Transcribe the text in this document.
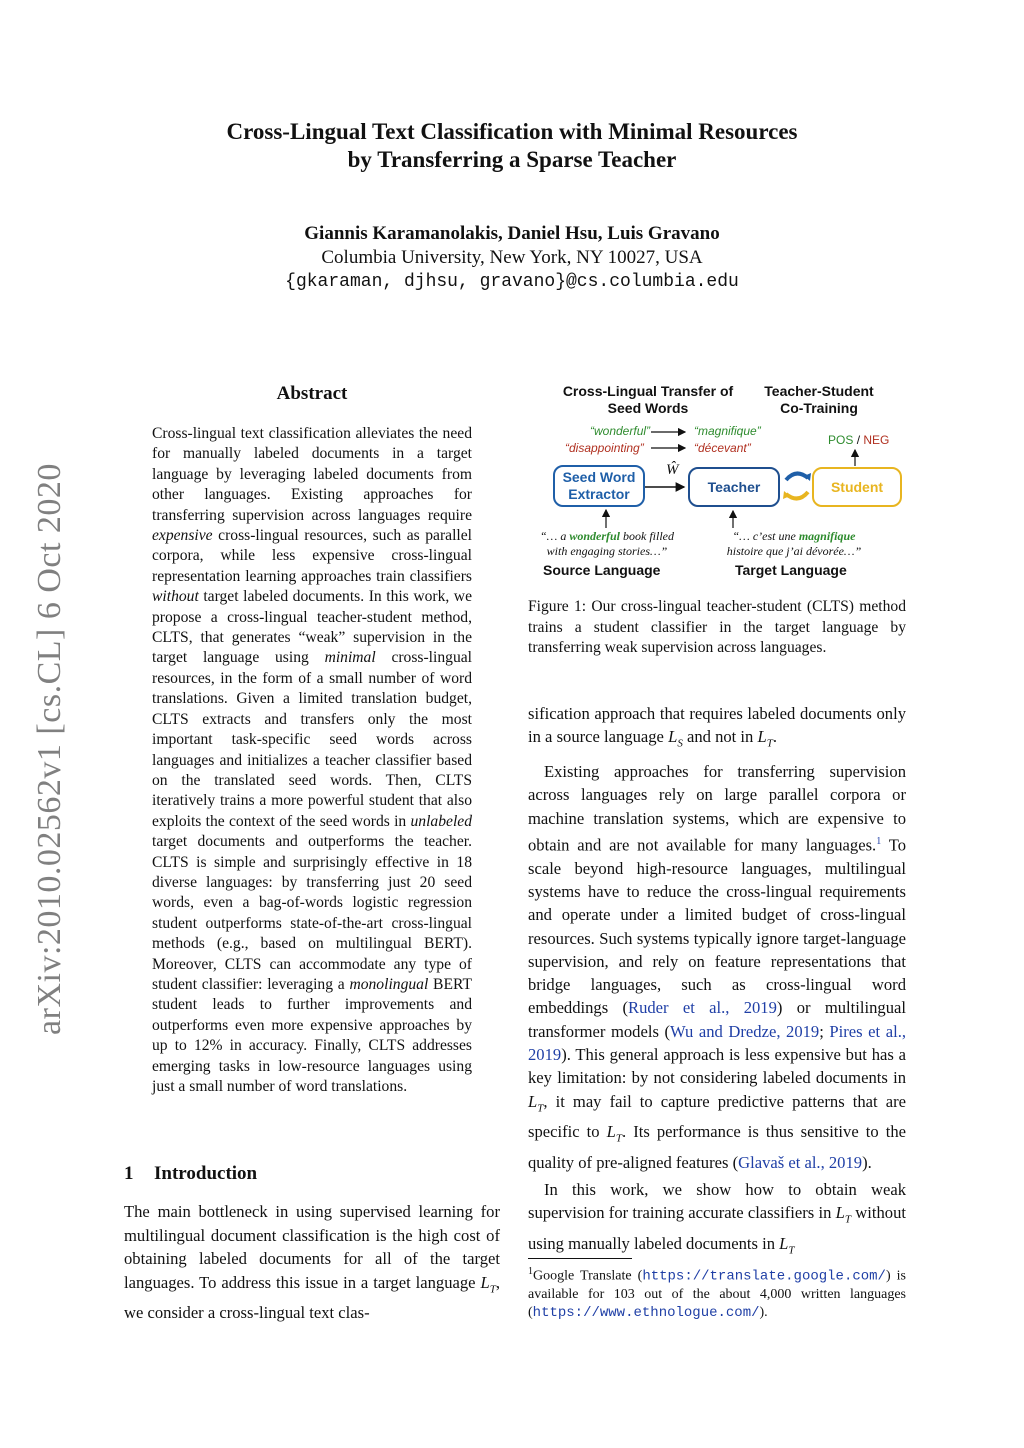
Cross-Lingual Text Classification with Minimal Resources
by Transferring a Sparse Teacher
Giannis Karamanolakis, Daniel Hsu, Luis Gravano
Columbia University, New York, NY 10027, USA
{gkaraman, djhsu, gravano}@cs.columbia.edu
arXiv:2010.02562v1 [cs.CL] 6 Oct 2020
Abstract

Cross-lingual text classification alleviates the need for manually labeled documents in a target language by leveraging labeled documents from other languages. Existing approaches for transferring supervision across languages require expensive cross-lingual resources, such as parallel corpora, while less expensive cross-lingual representation learning approaches train classifiers without target labeled documents. In this work, we propose a cross-lingual teacher-student method, CLTS, that generates “weak” supervision in the target language using minimal cross-lingual resources, in the form of a small number of word translations. Given a limited translation budget, CLTS extracts and transfers only the most important task-specific seed words across languages and initializes a teacher classifier based on the translated seed words. Then, CLTS iteratively trains a more powerful student that also exploits the context of the seed words in unlabeled target documents and outperforms the teacher. CLTS is simple and surprisingly effective in 18 diverse languages: by transferring just 20 seed words, even a bag-of-words logistic regression student outperforms state-of-the-art cross-lingual methods (e.g., based on multilingual BERT). Moreover, CLTS can accommodate any type of student classifier: leveraging a monolingual BERT student leads to further improvements and outperforms even more expensive approaches by up to 12% in accuracy. Finally, CLTS addresses emerging tasks in low-resource languages using just a small number of word translations.

1 Introduction

The main bottleneck in using supervised learning for multilingual document classification is the high cost of obtaining labeled documents for all of the target languages. To address this issue in a target language $L_T$, we consider a cross-lingual text clas-

Cross-Lingual Transfer of Seed Words
Teacher-Student Co-Training
“wonderful”
“disappointing”
“magnifique”
“décevant”
Seed Word Extractor
Ŵ
Teacher	Student
POS / NEG
“… a wonderful book filled
with engaging stories…”
“… c’est une magnifique
histoire que j’ai dévorée…”
Source Language	Target Language
Figure 1: Our cross-lingual teacher-student (CLTS) method trains a student classifier in the target language by transferring weak supervision across languages.

sification approach that requires labeled documents only in a source language $L_S$ and not in $L_T$.

Existing approaches for transferring supervision across languages rely on large parallel corpora or machine translation systems, which are expensive to obtain and are not available for many languages.$^1$ To scale beyond high-resource languages, multilingual systems have to reduce the cross-lingual requirements and operate under a limited budget of cross-lingual resources. Such systems typically ignore target-language supervision, and rely on feature representations that bridge languages, such as cross-lingual word embeddings (Ruder et al., 2019) or multilingual transformer models (Wu and Dredze, 2019; Pires et al., 2019). This general approach is less expensive but has a key limitation: by not considering labeled documents in $L_T$, it may fail to capture predictive patterns that are specific to $L_T$. Its performance is thus sensitive to the quality of pre-aligned features (Glavaš et al., 2019).

In this work, we show how to obtain weak supervision for training accurate classifiers in $L_T$ without using manually labeled documents in $L_T$

$^1$Google Translate (https://translate.google.com/) is available for 103 out of the about 4,000 written languages (https://www.ethnologue.com/).
